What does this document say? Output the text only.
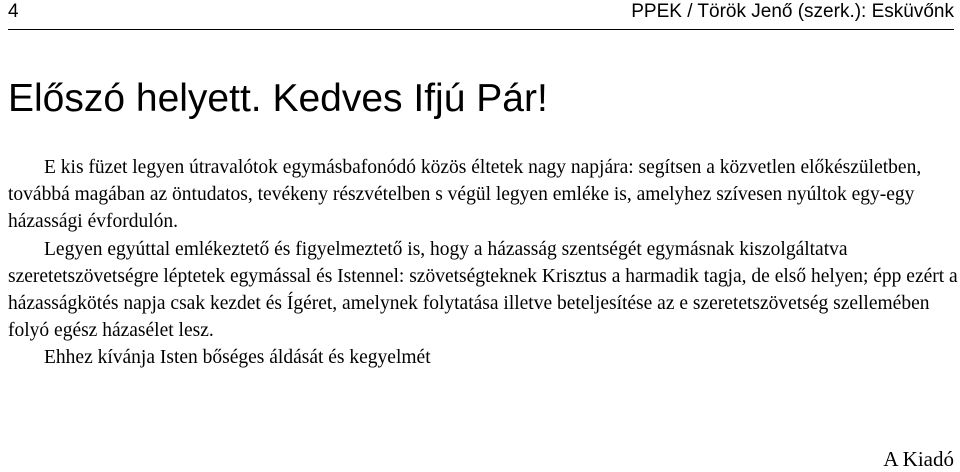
4	PPEK / Török Jenő (szerk.): Esküvőnk
Előszó helyett. Kedves Ifjú Pár!

E kis füzet legyen útravalótok egymásbafonódó közös éltetek nagy napjára: segítsen a közvetlen előkészületben, továbbá magában az öntudatos, tevékeny részvételben s végül legyen emléke is, amelyhez szívesen nyúltok egy-egy házassági évfordulón.

Legyen egyúttal emlékeztető és figyelmeztető is, hogy a házasság szentségét egymásnak kiszolgáltatva szeretetszövetségre léptetek egymással és Istennel: szövetségteknek Krisztus a harmadik tagja, de első helyen; épp ezért a házasságkötés napja csak kezdet és Ígéret, amelynek folytatása illetve beteljesítése az e szeretetszövetség szellemében folyó egész házasélet lesz.

Ehhez kívánja Isten bőséges áldását és kegyelmét

A Kiadó
